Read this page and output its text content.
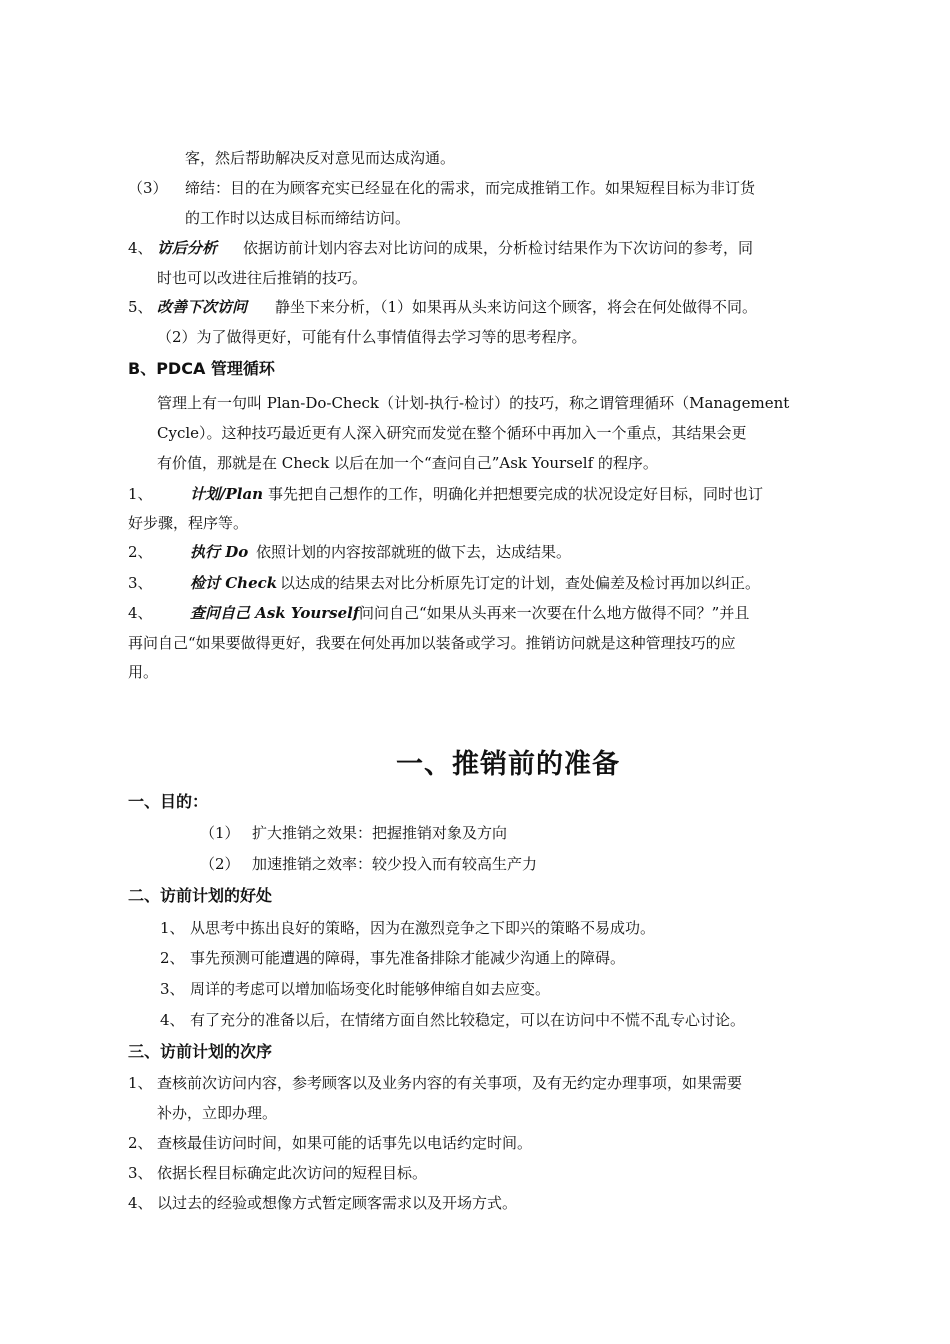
客，然后帮助解决反对意见而达成沟通。
（3） 缔结：目的在为顾客充实已经显在化的需求，而完成推销工作。如果短程目标为非订货
的工作时以达成目标而缔结访问。
4、 访后分析 依据访前计划内容去对比访问的成果，分析检讨结果作为下次访问的参考，同
时也可以改进往后推销的技巧。
5、 改善下次访问 静坐下来分析，（1）如果再从头来访问这个顾客，将会在何处做得不同。
（2）为了做得更好，可能有什么事情值得去学习等的思考程序。
B、PDCA 管理循环
管理上有一句叫 Plan-Do-Check（计划-执行-检讨）的技巧，称之谓管理循环（Management
Cycle）。这种技巧最近更有人深入研究而发觉在整个循环中再加入一个重点，其结果会更
有价值，那就是在 Check 以后在加一个“查问自己”Ask Yourself 的程序。
1、 计划/Plan 事先把自己想作的工作，明确化并把想要完成的状况设定好目标，同时也订
好步骤，程序等。
2、 执行 Do 依照计划的内容按部就班的做下去，达成结果。
3、 检讨 Check 以达成的结果去对比分析原先订定的计划，查处偏差及检讨再加以纠正。
4、 查问自己 Ask Yourself 问问自己“如果从头再来一次要在什么地方做得不同？”并且
再问自己“如果要做得更好，我要在何处再加以装备或学习。推销访问就是这种管理技巧的应
用。
一、推销前的准备
一、目的：
（1） 扩大推销之效果：把握推销对象及方向
（2） 加速推销之效率：较少投入而有较高生产力
二、访前计划的好处
1、 从思考中拣出良好的策略，因为在激烈竞争之下即兴的策略不易成功。
2、 事先预测可能遭遇的障碍，事先准备排除才能减少沟通上的障碍。
3、 周详的考虑可以增加临场变化时能够伸缩自如去应变。
4、 有了充分的准备以后，在情绪方面自然比较稳定，可以在访问中不慌不乱专心讨论。
三、访前计划的次序
1、 查核前次访问内容，参考顾客以及业务内容的有关事项，及有无约定办理事项，如果需要
补办，立即办理。
2、 查核最佳访问时间，如果可能的话事先以电话约定时间。
3、 依据长程目标确定此次访问的短程目标。
4、 以过去的经验或想像方式暂定顾客需求以及开场方式。
